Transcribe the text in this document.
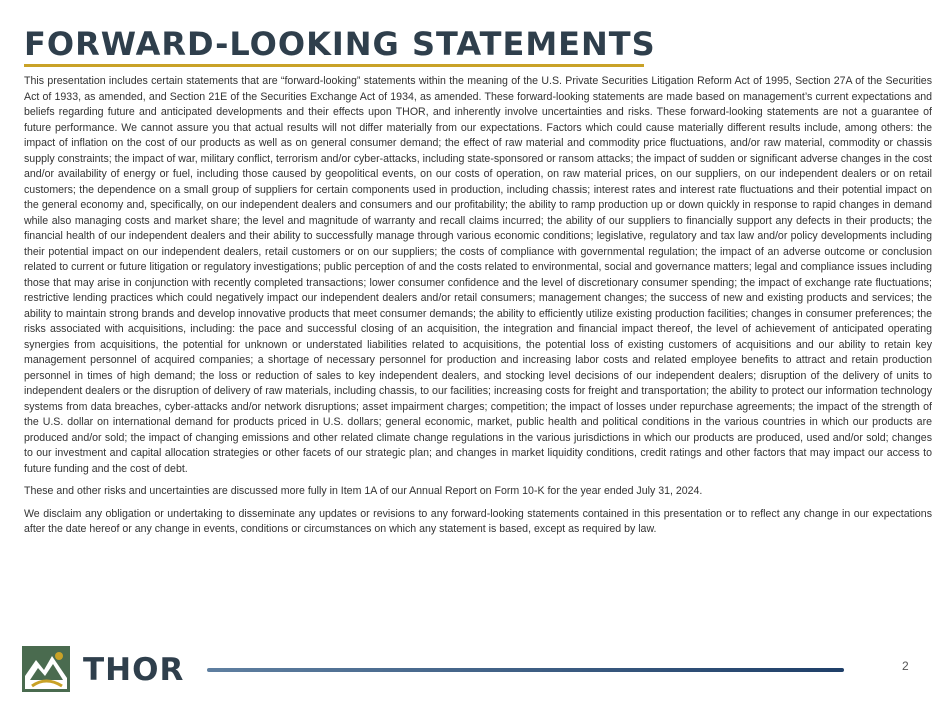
FORWARD-LOOKING STATEMENTS

This presentation includes certain statements that are “forward-looking” statements within the meaning of the U.S. Private Securities Litigation Reform Act of 1995, Section 27A of the Securities Act of 1933, as amended, and Section 21E of the Securities Exchange Act of 1934, as amended. These forward-looking statements are made based on management’s current expectations and beliefs regarding future and anticipated developments and their effects upon THOR, and inherently involve uncertainties and risks. These forward-looking statements are not a guarantee of future performance. We cannot assure you that actual results will not differ materially from our expectations. Factors which could cause materially different results include, among others: the impact of inflation on the cost of our products as well as on general consumer demand; the effect of raw material and commodity price fluctuations, and/or raw material, commodity or chassis supply constraints; the impact of war, military conflict, terrorism and/or cyber-attacks, including state-sponsored or ransom attacks; the impact of sudden or significant adverse changes in the cost and/or availability of energy or fuel, including those caused by geopolitical events, on our costs of operation, on raw material prices, on our suppliers, on our independent dealers or on retail customers; the dependence on a small group of suppliers for certain components used in production, including chassis; interest rates and interest rate fluctuations and their potential impact on the general economy and, specifically, on our independent dealers and consumers and our profitability; the ability to ramp production up or down quickly in response to rapid changes in demand while also managing costs and market share; the level and magnitude of warranty and recall claims incurred; the ability of our suppliers to financially support any defects in their products; the financial health of our independent dealers and their ability to successfully manage through various economic conditions; legislative, regulatory and tax law and/or policy developments including their potential impact on our independent dealers, retail customers or on our suppliers; the costs of compliance with governmental regulation; the impact of an adverse outcome or conclusion related to current or future litigation or regulatory investigations; public perception of and the costs related to environmental, social and governance matters; legal and compliance issues including those that may arise in conjunction with recently completed transactions; lower consumer confidence and the level of discretionary consumer spending; the impact of exchange rate fluctuations; restrictive lending practices which could negatively impact our independent dealers and/or retail consumers; management changes; the success of new and existing products and services; the ability to maintain strong brands and develop innovative products that meet consumer demands; the ability to efficiently utilize existing production facilities; changes in consumer preferences; the risks associated with acquisitions, including: the pace and successful closing of an acquisition, the integration and financial impact thereof, the level of achievement of anticipated operating synergies from acquisitions, the potential for unknown or understated liabilities related to acquisitions, the potential loss of existing customers of acquisitions and our ability to retain key management personnel of acquired companies; a shortage of necessary personnel for production and increasing labor costs and related employee benefits to attract and retain production personnel in times of high demand; the loss or reduction of sales to key independent dealers, and stocking level decisions of our independent dealers; disruption of the delivery of units to independent dealers or the disruption of delivery of raw materials, including chassis, to our facilities; increasing costs for freight and transportation; the ability to protect our information technology systems from data breaches, cyber-attacks and/or network disruptions; asset impairment charges; competition; the impact of losses under repurchase agreements; the impact of the strength of the U.S. dollar on international demand for products priced in U.S. dollars; general economic, market, public health and political conditions in the various countries in which our products are produced and/or sold; the impact of changing emissions and other related climate change regulations in the various jurisdictions in which our products are produced, used and/or sold; changes to our investment and capital allocation strategies or other facets of our strategic plan; and changes in market liquidity conditions, credit ratings and other factors that may impact our access to future funding and the cost of debt.

These and other risks and uncertainties are discussed more fully in Item 1A of our Annual Report on Form 10-K for the year ended July 31, 2024.

We disclaim any obligation or undertaking to disseminate any updates or revisions to any forward-looking statements contained in this presentation or to reflect any change in our expectations after the date hereof or any change in events, conditions or circumstances on which any statement is based, except as required by law.

THOR	2
